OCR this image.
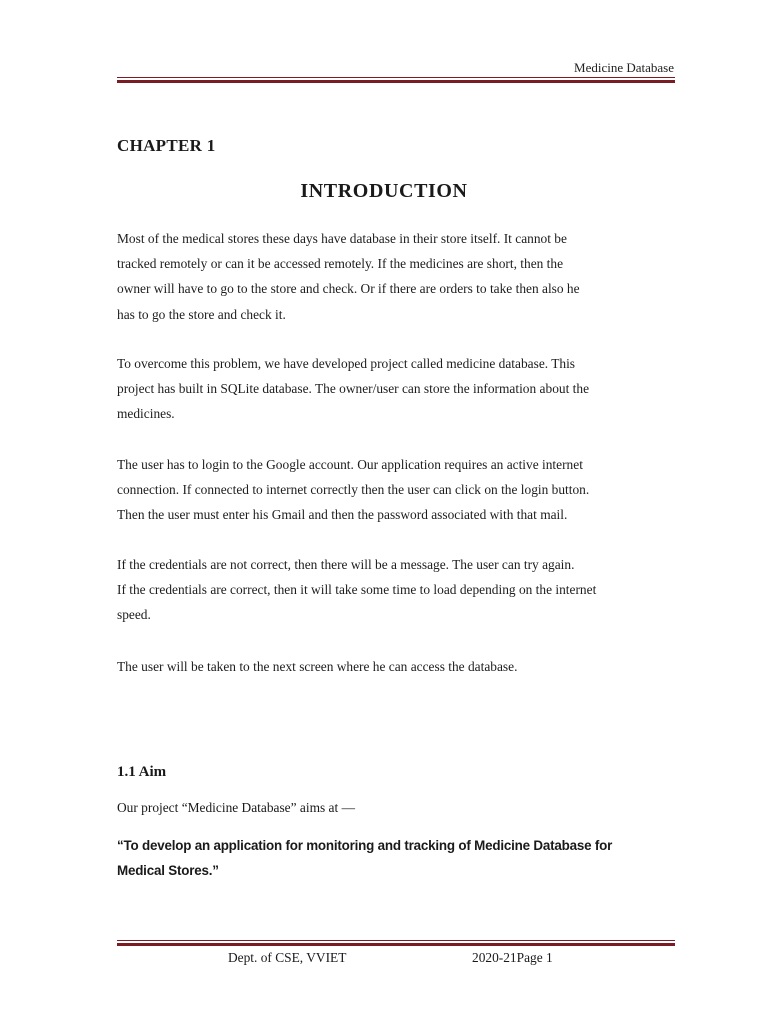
Medicine Database
CHAPTER 1
INTRODUCTION

Most of the medical stores these days have database in their store itself. It cannot be

tracked remotely or can it be accessed remotely. If the medicines are short, then the

owner will have to go to the store and check. Or if there are orders to take then also he

has to go the store and check it.

To overcome this problem, we have developed project called medicine database. This

project has built in SQLite database. The owner/user can store the information about the

medicines.

The user has to login to the Google account. Our application requires an active internet

connection. If connected to internet correctly then the user can click on the login button.

Then the user must enter his Gmail and then the password associated with that mail.

If the credentials are not correct, then there will be a message. The user can try again.

If the credentials are correct, then it will take some time to load depending on the internet

speed.

The user will be taken to the next screen where he can access the database.

1.1 Aim
Our project “Medicine Database” aims at —

“To develop an application for monitoring and tracking of Medicine Database for

Medical Stores.”

Dept. of CSE, VVIET	2020-21Page 1
